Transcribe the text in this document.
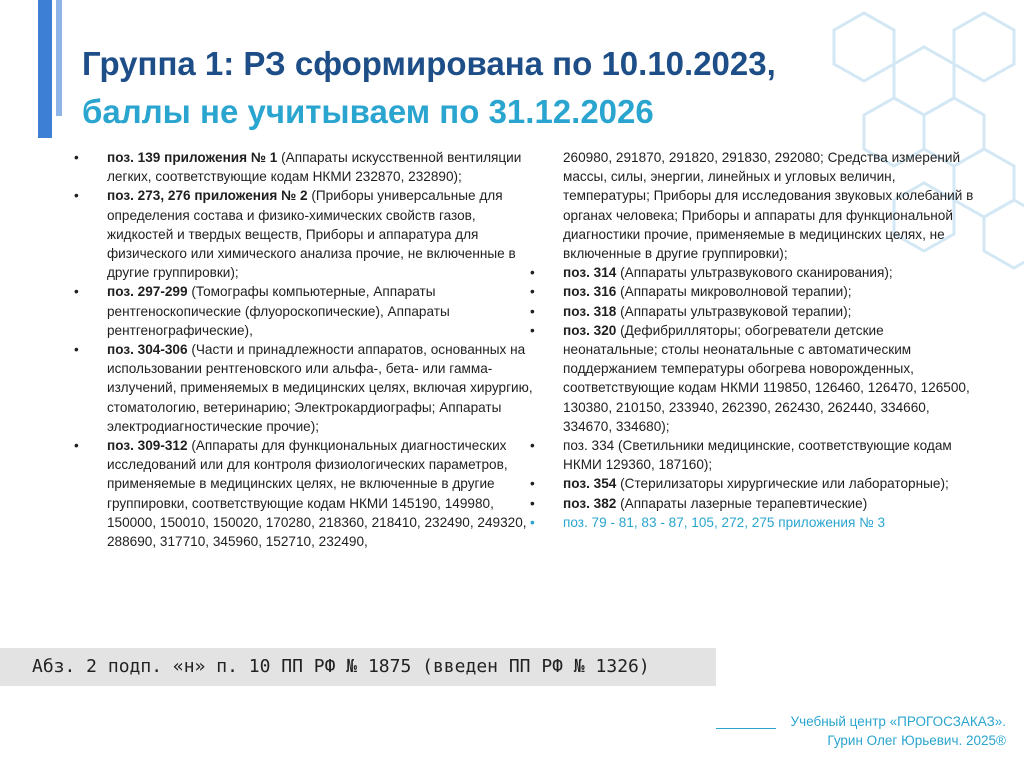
Группа 1: РЗ сформирована по 10.10.2023,
баллы не учитываем по 31.12.2026
• поз. 139 приложения № 1 (Аппараты искусственной вентиляции легких, соответствующие кодам НКМИ 232870, 232890);
• поз. 273, 276 приложения № 2 (Приборы универсальные для определения состава и физико-химических свойств газов, жидкостей и твердых веществ, Приборы и аппаратура для физического или химического анализа прочие, не включенные в другие группировки);
• поз. 297-299 (Томографы компьютерные, Аппараты рентгеноскопические (флуороскопические), Аппараты рентгенографические),
• поз. 304-306 (Части и принадлежности аппаратов, основанных на использовании рентгеновского или альфа-, бета- или гамма-излучений, применяемых в медицинских целях, включая хирургию, стоматологию, ветеринарию; Электрокардиографы; Аппараты электродиагностические прочие);
• поз. 309-312 (Аппараты для функциональных диагностических исследований или для контроля физиологических параметров, применяемые в медицинских целях, не включенные в другие группировки, соответствующие кодам НКМИ 145190, 149980, 150000, 150010, 150020, 170280, 218360, 218410, 232490, 249320, 288690, 317710, 345960, 152710, 232490,
260980, 291870, 291820, 291830, 292080; Средства измерений массы, силы, энергии, линейных и угловых величин, температуры; Приборы для исследования звуковых колебаний в органах человека; Приборы и аппараты для функциональной диагностики прочие, применяемые в медицинских целях, не включенные в другие группировки);
• поз. 314 (Аппараты ультразвукового сканирования);
• поз. 316 (Аппараты микроволновой терапии);
• поз. 318 (Аппараты ультразвуковой терапии);
• поз. 320 (Дефибрилляторы; обогреватели детские неонатальные; столы неонатальные с автоматическим поддержанием температуры обогрева новорожденных, соответствующие кодам НКМИ 119850, 126460, 126470, 126500, 130380, 210150, 233940, 262390, 262430, 262440, 334660, 334670, 334680);
• поз. 334 (Светильники медицинские, соответствующие кодам НКМИ 129360, 187160);
• поз. 354 (Стерилизаторы хирургические или лабораторные);
• поз. 382 (Аппараты лазерные терапевтические)
• поз. 79 - 81, 83 - 87, 105, 272, 275 приложения № 3
Абз. 2 подп. «н» п. 10 ПП РФ № 1875 (введен ПП РФ № 1326)
Учебный центр «ПРОГОСЗАКАЗ».
Гурин Олег Юрьевич. 2025®
